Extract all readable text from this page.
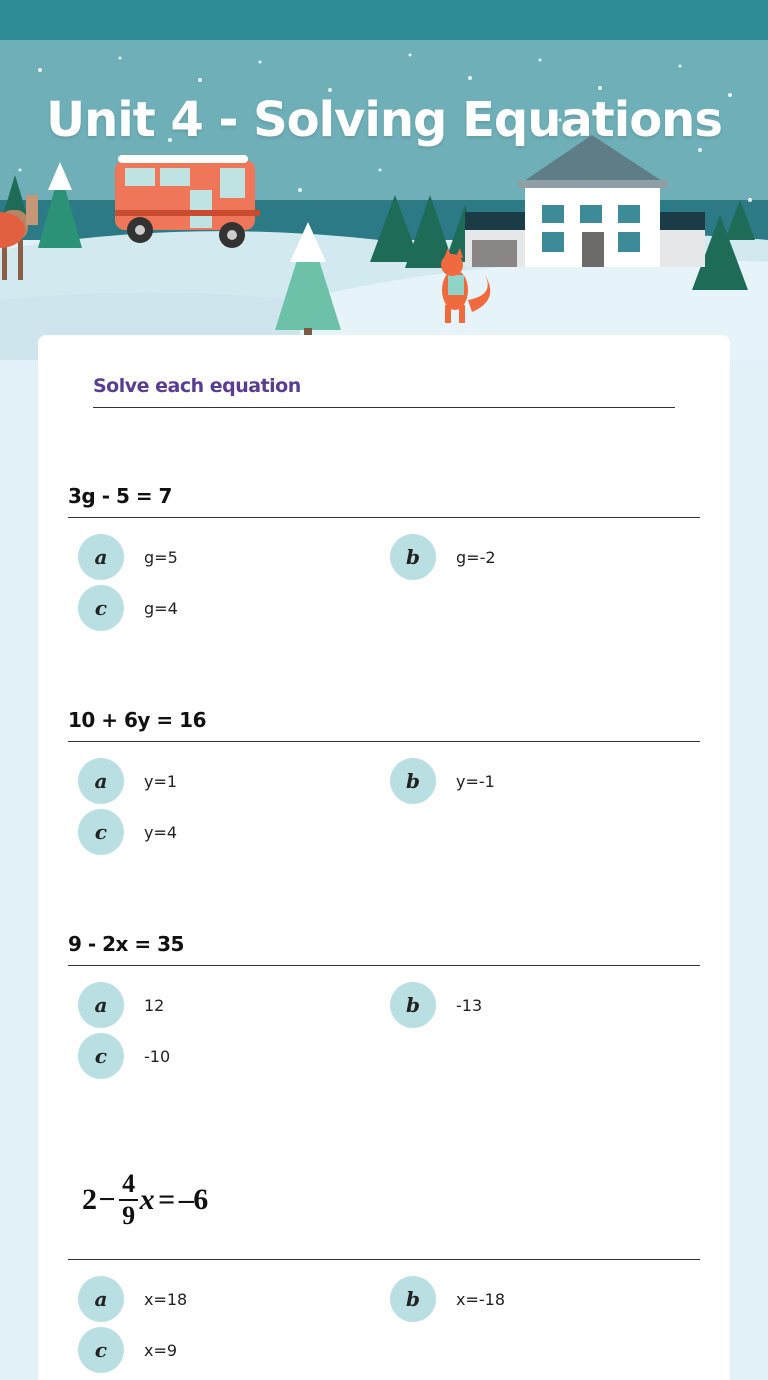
Unit 4 - Solving Equations
Solve each equation
3g - 5 = 7
a	g=5	b	g=-2
c	g=4
10 + 6y = 16
a	y=1	b	y=-1
c	y=4
9 - 2x = 35
a	12	b	-13
c	-10
$2 - \frac{4}{9}$ x = –6
a	x=18	b	x=-18
c	x=9
